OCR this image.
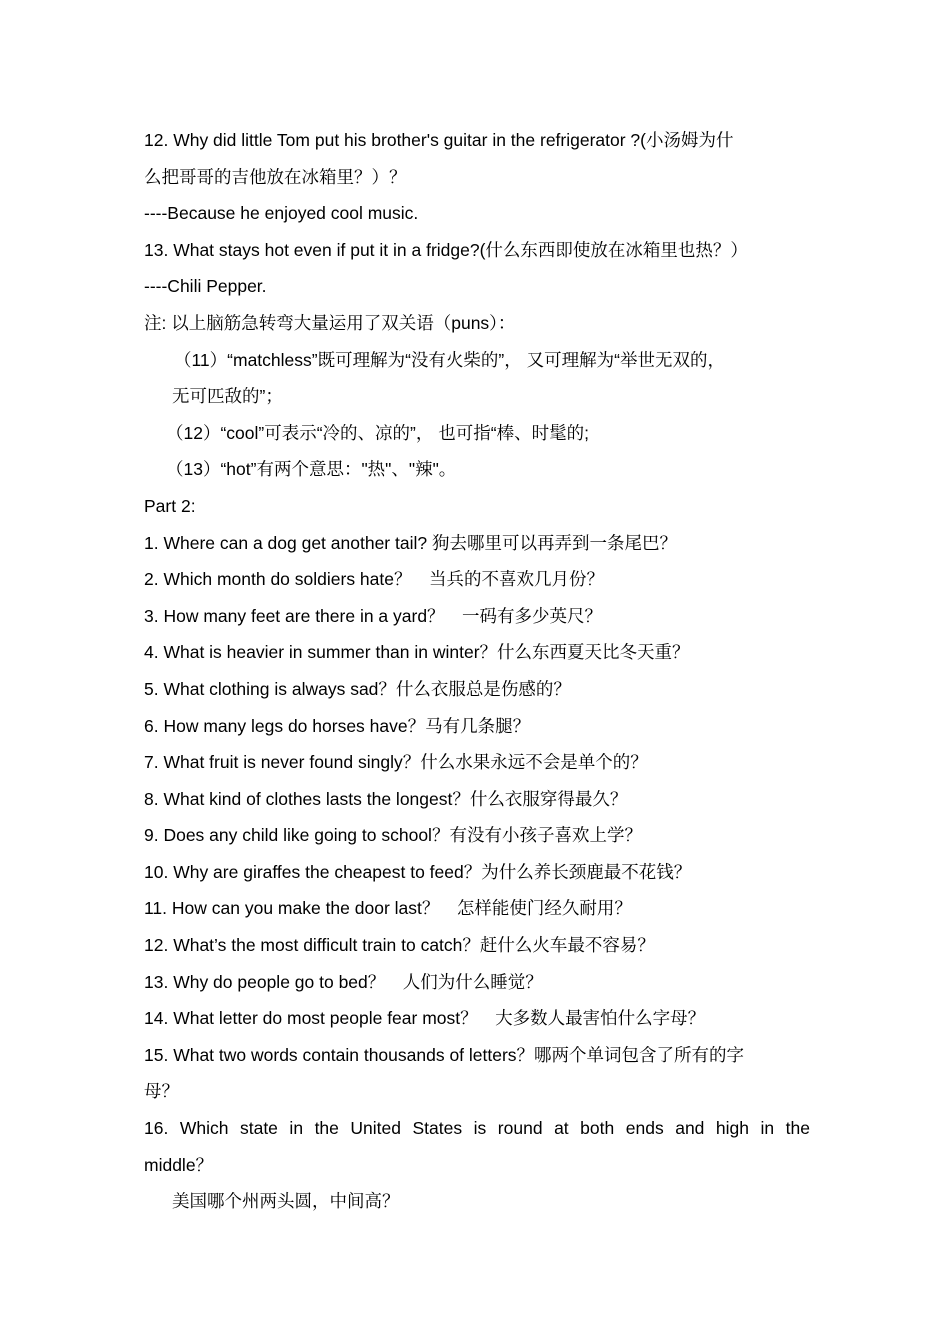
12. Why did little Tom put his brother's guitar in the refrigerator ?(小汤姆为什
么把哥哥的吉他放在冰箱里？）？
----Because he enjoyed cool music.
13. What stays hot even if put it in a fridge?(什么东西即使放在冰箱里也热？）
----Chili Pepper.
注: 以上脑筋急转弯大量运用了双关语（puns）：
（11）“matchless”既可理解为“没有火柴的”， 又可理解为“举世无双的，
无可匹敌的”；
（12）“cool”可表示“冷的、凉的”， 也可指“棒、时髦的;
（13）“hot”有两个意思："热"、"辣"。
Part 2:
1. Where can a dog get another tail? 狗去哪里可以再弄到一条尾巴？
2. Which month do soldiers hate？　当兵的不喜欢几月份？
3. How many feet are there in a yard？　一码有多少英尺？
4. What is heavier in summer than in winter？什么东西夏天比冬天重？
5. What clothing is always sad？什么衣服总是伤感的？
6. How many legs do horses have？马有几条腿？
7. What fruit is never found singly？什么水果永远不会是单个的？
8. What kind of clothes lasts the longest？什么衣服穿得最久？
9. Does any child like going to school？有没有小孩子喜欢上学？
10. Why are giraffes the cheapest to feed？为什么养长颈鹿最不花钱？
11. How can you make the door last？　怎样能使门经久耐用？
12. What’s the most difficult train to catch？赶什么火车最不容易？
13. Why do people go to bed？　人们为什么睡觉？
14. What letter do most people fear most？　大多数人最害怕什么字母？
15. What two words contain thousands of letters？哪两个单词包含了所有的字
母？
16. Which state in the United States is round at both ends and high in the
middle？
美国哪个州两头圆，中间高？
